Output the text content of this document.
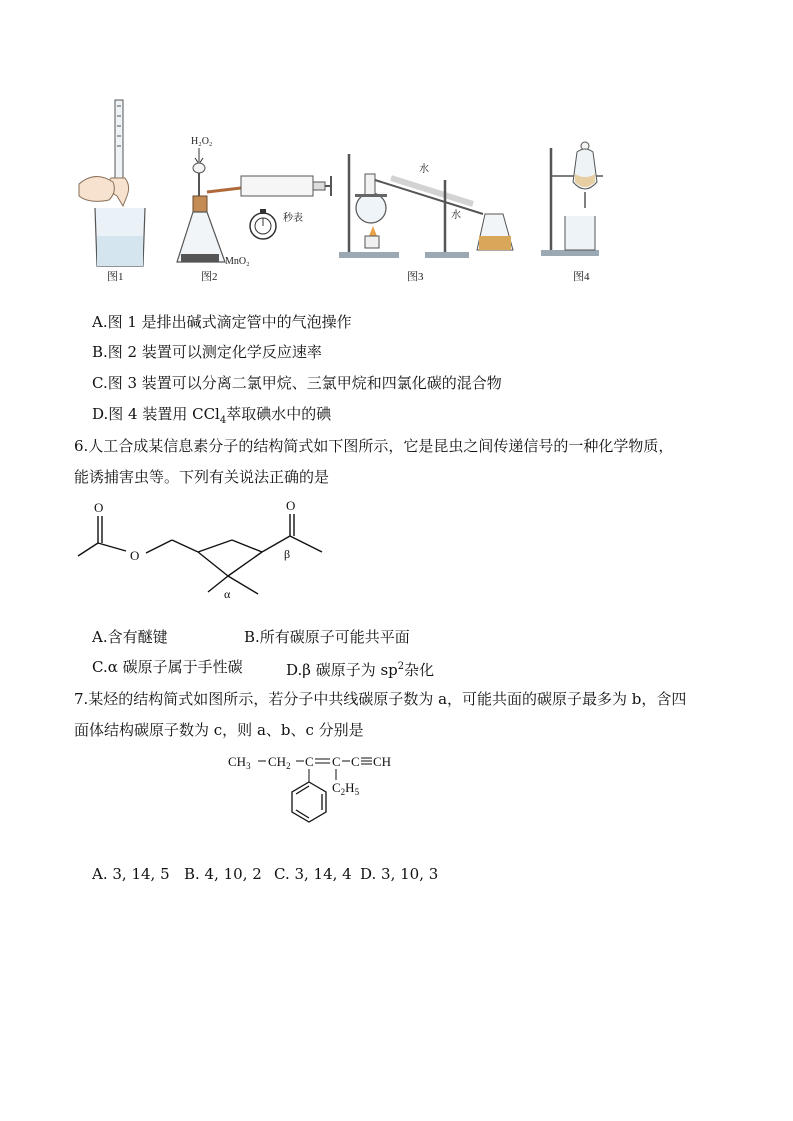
图1
H₂O₂
MnO₂
秒表
图2
水
水
图3	图4
A.图 1 是排出碱式滴定管中的气泡操作
B.图 2 装置可以测定化学反应速率
C.图 3 装置可以分离二氯甲烷、三氯甲烷和四氯化碳的混合物
D.图 4 装置用 CCl$_4$萃取碘水中的碘
6.人工合成某信息素分子的结构简式如下图所示，它是昆虫之间传递信号的一种化学物质，
能诱捕害虫等。下列有关说法正确的是
O
O
O
α
β
A.含有醚键	B.所有碳原子可能共平面
C.α 碳原子属于手性碳	D.β 碳原子为 $sp^2$杂化
7.某烃的结构简式如图所示，若分子中共线碳原子数为 a，可能共面的碳原子最多为 b，含四
面体结构碳原子数为 c，则 a、b、c 分别是
$CH_3$ $CH_2$ C C C CH
$C_2H_5$
A. 3, 14, 5 B. 4, 10, 2 C. 3, 14, 4 D. 3, 10, 3
